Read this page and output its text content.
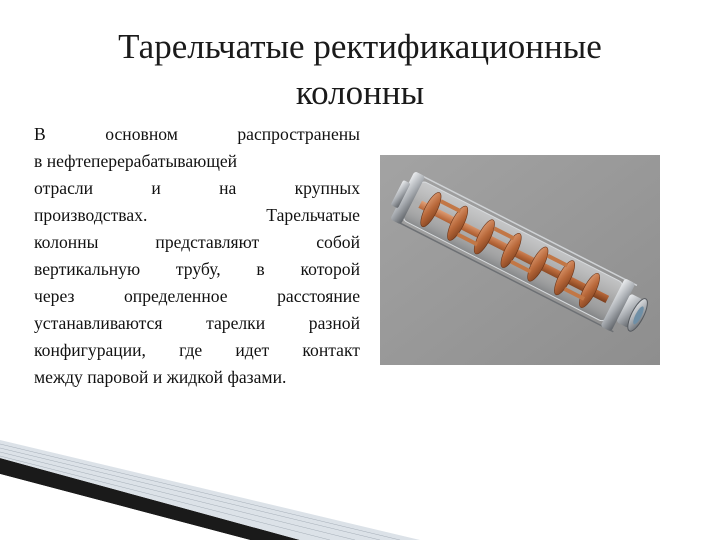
Тарельчатые ректификационные
колонны

В основном распространены
в нефтеперерабатывающей
отрасли и на крупных
производствах. Тарельчатые
колонны представляют собой
вертикальную трубу, в которой
через определенное расстояние
устанавливаются тарелки разной
конфигурации, где идет контакт
между паровой и жидкой фазами.
